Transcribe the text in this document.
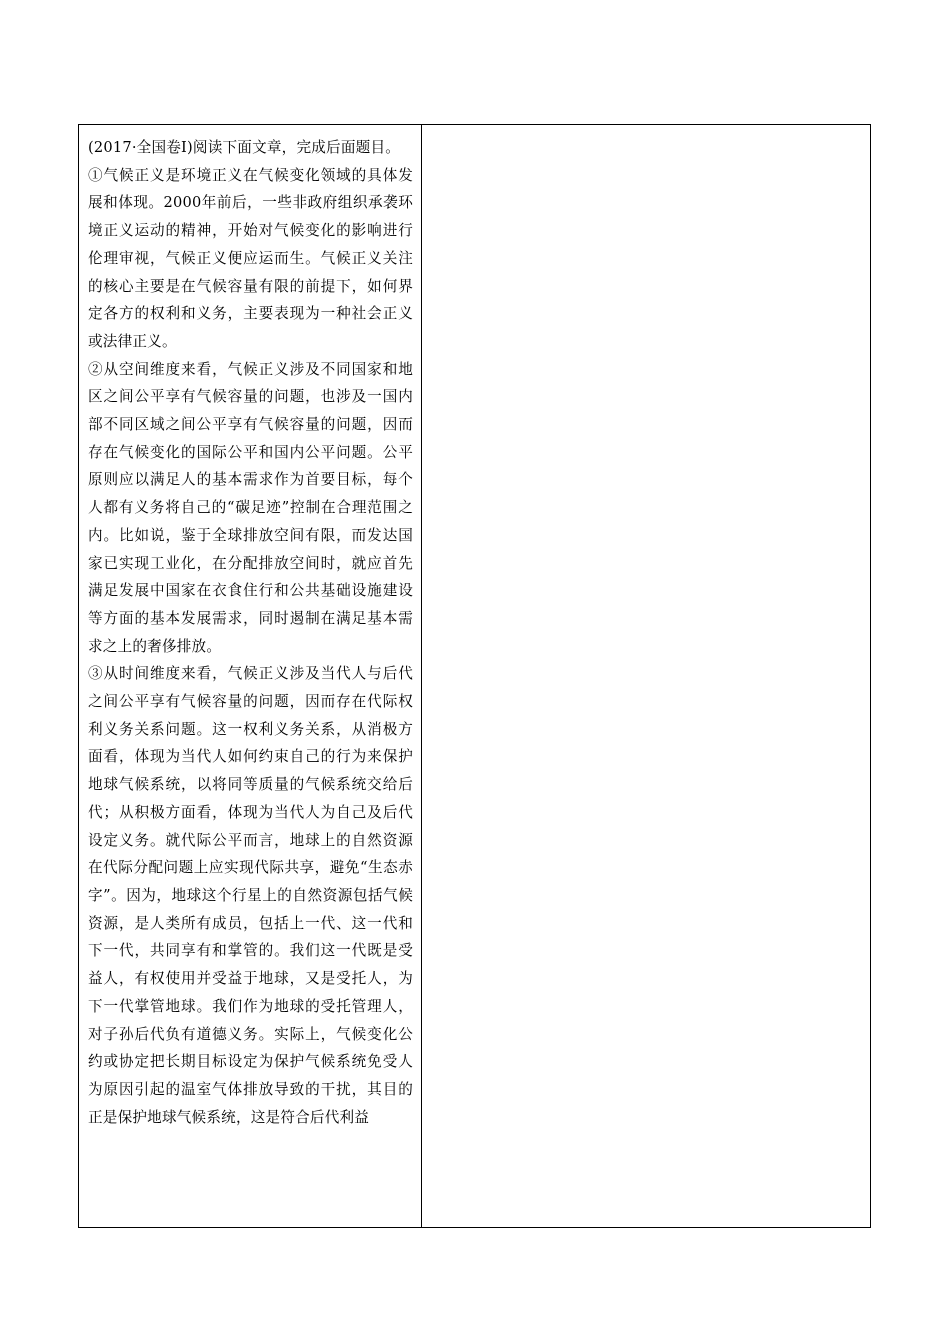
(2017·全国卷Ⅰ)阅读下面文章，完成后面题目。

①气候正义是环境正义在气候变化领域的具体发展和体现。2000年前后，一些非政府组织承袭环境正义运动的精神，开始对气候变化的影响进行伦理审视，气候正义便应运而生。气候正义关注的核心主要是在气候容量有限的前提下，如何界定各方的权利和义务，主要表现为一种社会正义或法律正义。

②从空间维度来看，气候正义涉及不同国家和地区之间公平享有气候容量的问题，也涉及一国内部不同区域之间公平享有气候容量的问题，因而存在气候变化的国际公平和国内公平问题。公平原则应以满足人的基本需求作为首要目标，每个人都有义务将自己的“碳足迹”控制在合理范围之内。比如说，鉴于全球排放空间有限，而发达国家已实现工业化，在分配排放空间时，就应首先满足发展中国家在衣食住行和公共基础设施建设等方面的基本发展需求，同时遏制在满足基本需求之上的奢侈排放。

③从时间维度来看，气候正义涉及当代人与后代之间公平享有气候容量的问题，因而存在代际权利义务关系问题。这一权利义务关系，从消极方面看，体现为当代人如何约束自己的行为来保护地球气候系统，以将同等质量的气候系统交给后代；从积极方面看，体现为当代人为自己及后代设定义务。就代际公平而言，地球上的自然资源在代际分配问题上应实现代际共享，避免“生态赤字”。因为，地球这个行星上的自然资源包括气候资源，是人类所有成员，包括上一代、这一代和下一代，共同享有和掌管的。我们这一代既是受益人，有权使用并受益于地球，又是受托人，为下一代掌管地球。我们作为地球的受托管理人，对子孙后代负有道德义务。实际上，气候变化公约或协定把长期目标设定为保护气候系统免受人为原因引起的温室气体排放导致的干扰，其目的正是保护地球气候系统，这是符合后代利益
